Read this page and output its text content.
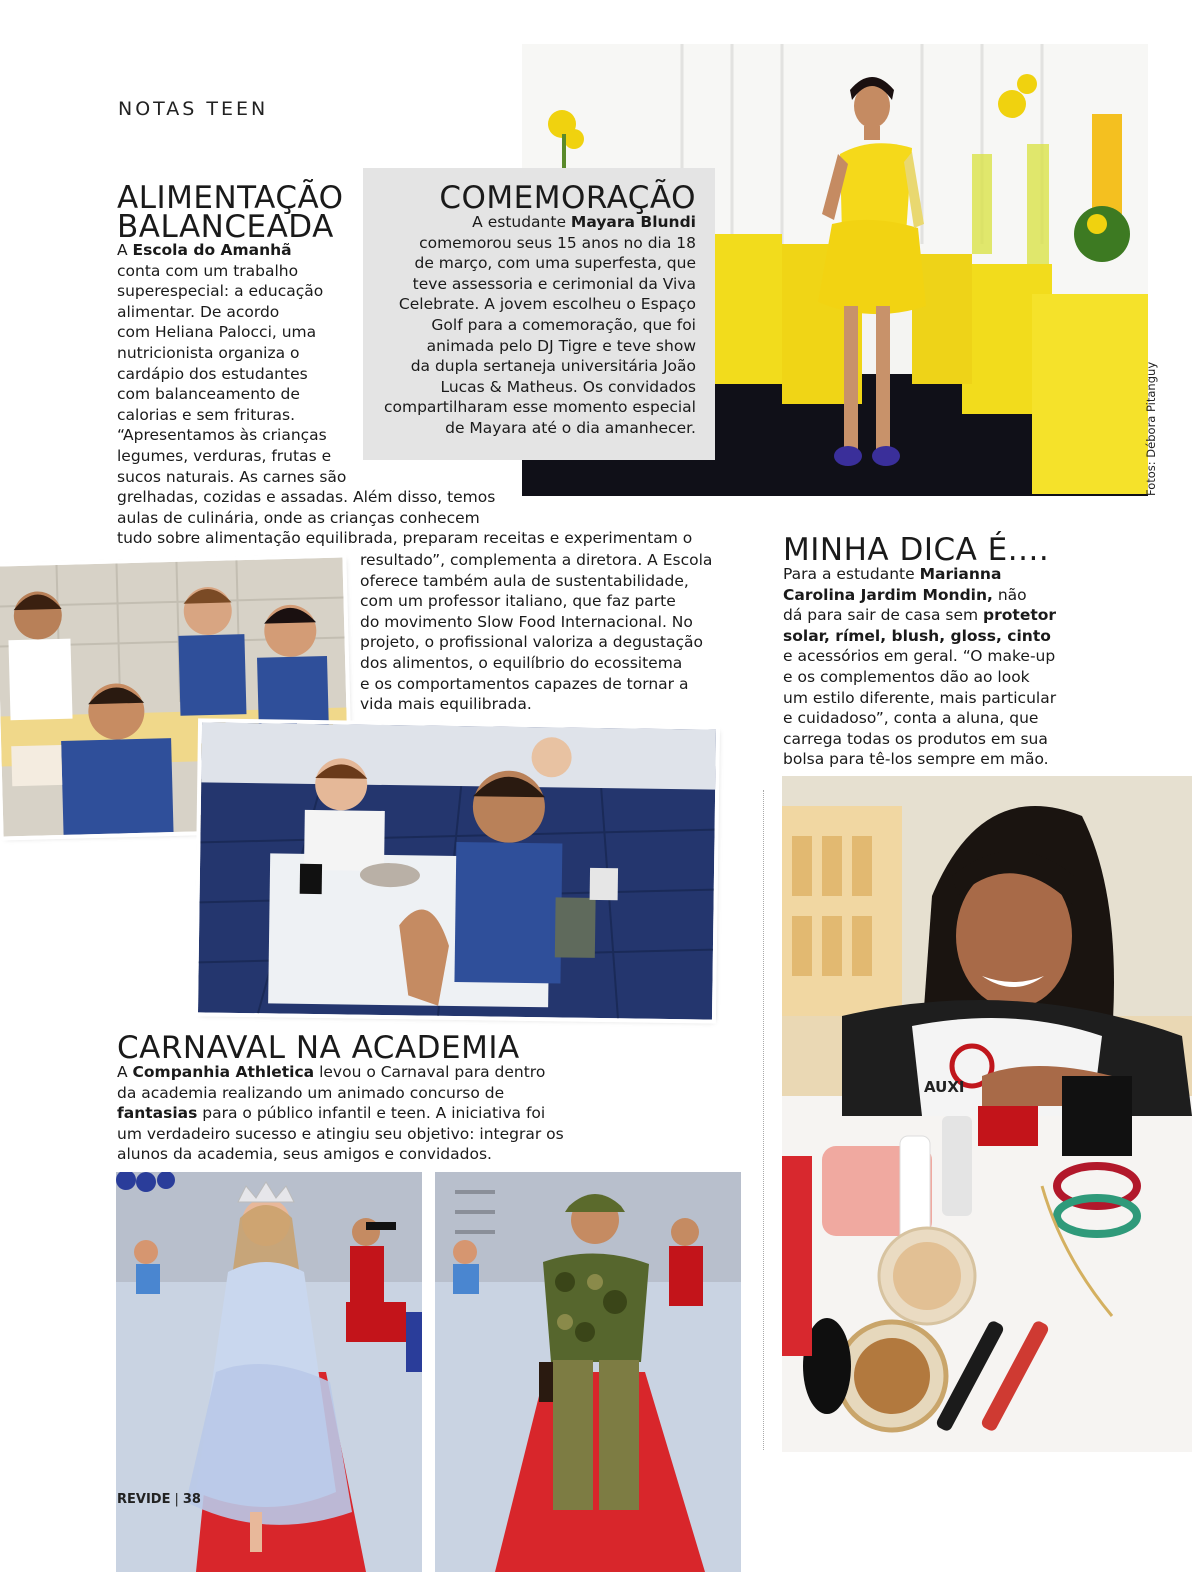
NOTAS TEEN
COMEMORAÇÃO
A estudante Mayara Blundi
comemorou seus 15 anos no dia 18
de março, com uma superfesta, que
teve assessoria e cerimonial da Viva
Celebrate. A jovem escolheu o Espaço
Golf para a comemoração, que foi
animada pelo DJ Tigre e teve show
da dupla sertaneja universitária João
Lucas & Matheus. Os convidados
compartilharam esse momento especial
de Mayara até o dia amanhecer.	Fotos: Débora Pitanguy
ALIMENTAÇÃO
BALANCEADA
A Escola do Amanhã
conta com um trabalho
superespecial: a educação
alimentar. De acordo
com Heliana Palocci, uma
nutricionista organiza o
cardápio dos estudantes
com balanceamento de
calorias e sem frituras.
“Apresentamos às crianças
legumes, verduras, frutas e
sucos naturais. As carnes são
grelhadas, cozidas e assadas. Além disso, temos
aulas de culinária, onde as crianças conhecem
tudo sobre alimentação equilibrada, preparam receitas e experimentam o
resultado”, complementa a diretora. A Escola
oferece também aula de sustentabilidade,
com um professor italiano, que faz parte
do movimento Slow Food Internacional. No
projeto, o profissional valoriza a degustação
dos alimentos, o equilíbrio do ecossitema
e os comportamentos capazes de tornar a
vida mais equilibrada.
MINHA DICA É....
Para a estudante Marianna
Carolina Jardim Mondin, não
dá para sair de casa sem protetor
solar, rímel, blush, gloss, cinto
e acessórios em geral. “O make-up
e os complementos dão ao look
um estilo diferente, mais particular
e cuidadoso”, conta a aluna, que
carrega todas os produtos em sua
bolsa para tê-los sempre em mão.
AUXI
CARNAVAL NA ACADEMIA
A Companhia Athletica levou o Carnaval para dentro
da academia realizando um animado concurso de
fantasias para o público infantil e teen. A iniciativa foi
um verdadeiro sucesso e atingiu seu objetivo: integrar os
alunos da academia, seus amigos e convidados.
REVIDE | 38
